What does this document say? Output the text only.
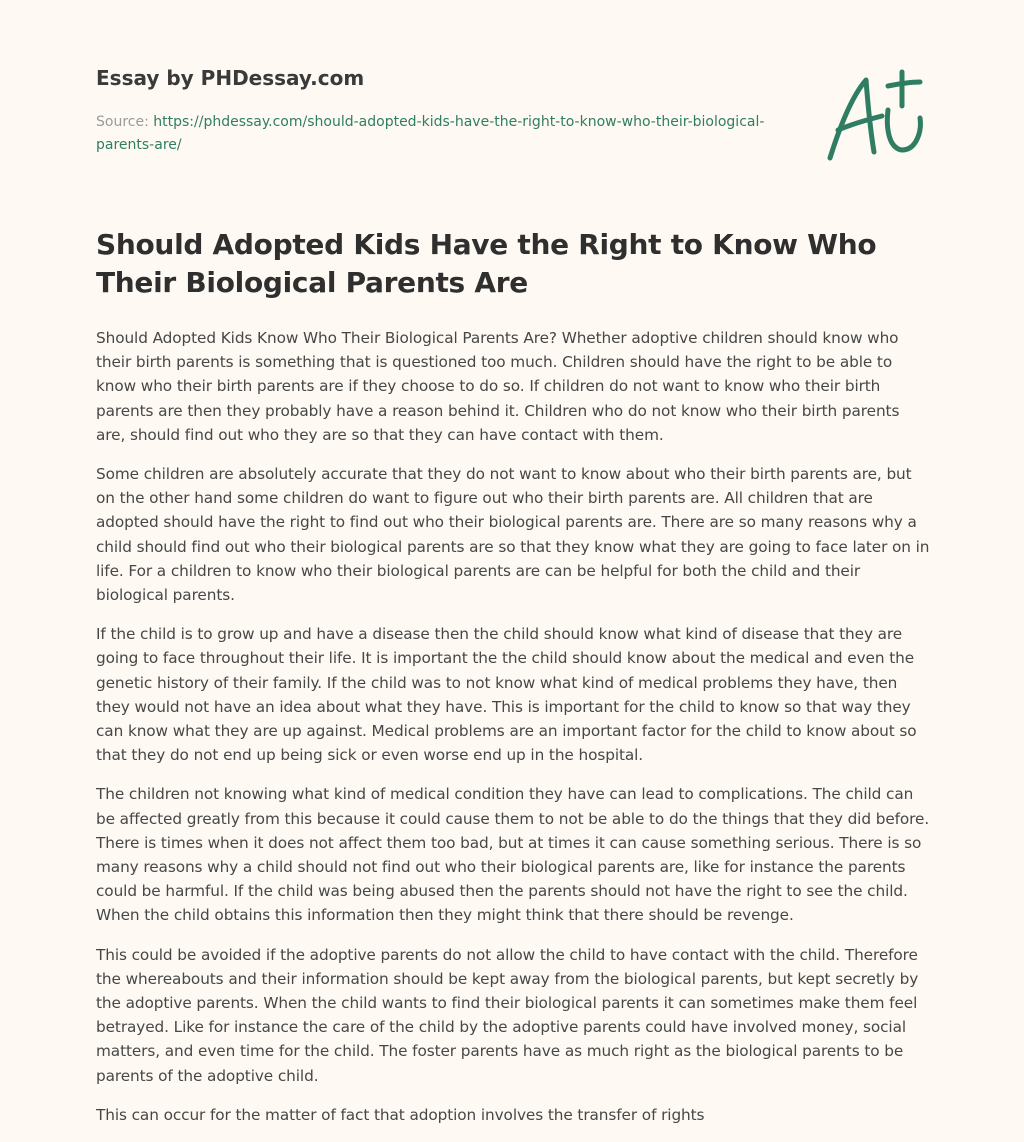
Essay by PHDessay.com
Source: https://phdessay.com/should-adopted-kids-have-the-right-to-know-who-their-biological-parents-are/
Should Adopted Kids Have the Right to Know Who Their Biological Parents Are

Should Adopted Kids Know Who Their Biological Parents Are? Whether adoptive children should know who their birth parents is something that is questioned too much. Children should have the right to be able to know who their birth parents are if they choose to do so. If children do not want to know who their birth parents are then they probably have a reason behind it. Children who do not know who their birth parents are, should find out who they are so that they can have contact with them.

Some children are absolutely accurate that they do not want to know about who their birth parents are, but on the other hand some children do want to figure out who their birth parents are. All children that are adopted should have the right to find out who their biological parents are. There are so many reasons why a child should find out who their biological parents are so that they know what they are going to face later on in life. For a children to know who their biological parents are can be helpful for both the child and their biological parents.

If the child is to grow up and have a disease then the child should know what kind of disease that they are going to face throughout their life. It is important the the child should know about the medical and even the genetic history of their family. If the child was to not know what kind of medical problems they have, then they would not have an idea about what they have. This is important for the child to know so that way they can know what they are up against. Medical problems are an important factor for the child to know about so that they do not end up being sick or even worse end up in the hospital.

The children not knowing what kind of medical condition they have can lead to complications. The child can be affected greatly from this because it could cause them to not be able to do the things that they did before. There is times when it does not affect them too bad, but at times it can cause something serious. There is so many reasons why a child should not find out who their biological parents are, like for instance the parents could be harmful. If the child was being abused then the parents should not have the right to see the child. When the child obtains this information then they might think that there should be revenge.

This could be avoided if the adoptive parents do not allow the child to have contact with the child. Therefore the whereabouts and their information should be kept away from the biological parents, but kept secretly by the adoptive parents. When the child wants to find their biological parents it can sometimes make them feel betrayed. Like for instance the care of the child by the adoptive parents could have involved money, social matters, and even time for the child. The foster parents have as much right as the biological parents to be parents of the adoptive child.

This can occur for the matter of fact that adoption involves the transfer of rights
